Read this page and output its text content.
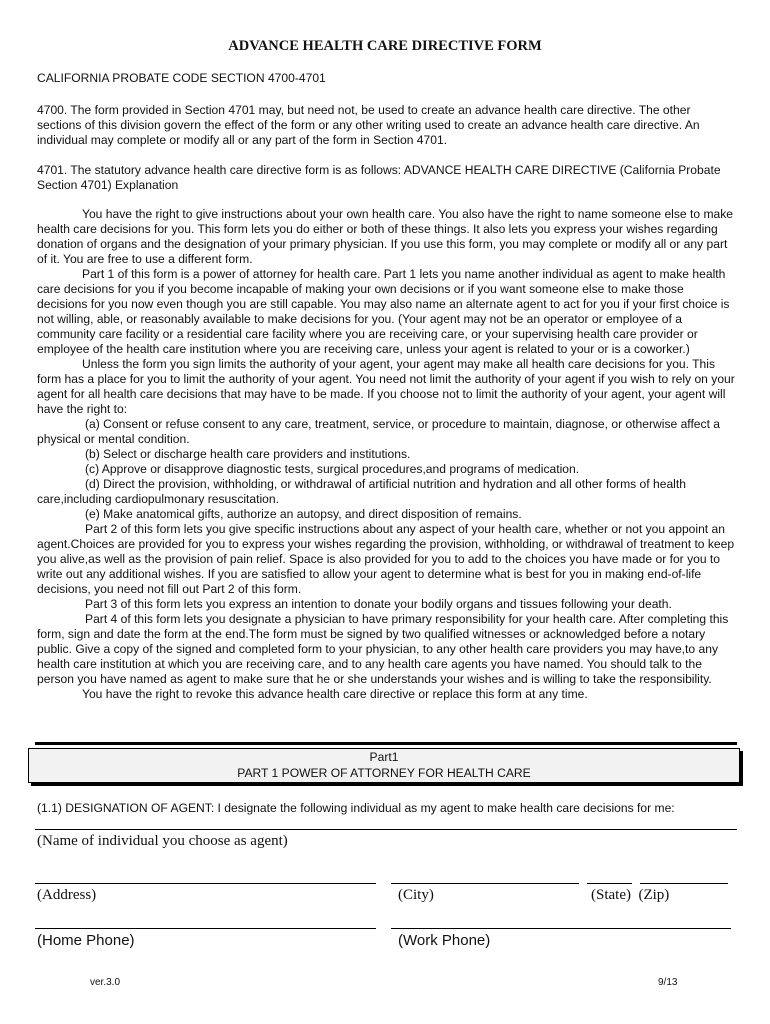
ADVANCE HEALTH CARE DIRECTIVE FORM

CALIFORNIA PROBATE CODE SECTION 4700-4701

4700. The form provided in Section 4701 may, but need not, be used to create an advance health care directive. The other sections of this division govern the effect of the form or any other writing used to create an advance health care directive. An individual may complete or modify all or any part of the form in Section 4701.

4701. The statutory advance health care directive form is as follows: ADVANCE HEALTH CARE DIRECTIVE (California Probate Section 4701) Explanation

You have the right to give instructions about your own health care. You also have the right to name someone else to make health care decisions for you. This form lets you do either or both of these things. It also lets you express your wishes regarding donation of organs and the designation of your primary physician. If you use this form, you may complete or modify all or any part of it. You are free to use a different form.

Part 1 of this form is a power of attorney for health care. Part 1 lets you name another individual as agent to make health care decisions for you if you become incapable of making your own decisions or if you want someone else to make those decisions for you now even though you are still capable. You may also name an alternate agent to act for you if your first choice is not willing, able, or reasonably available to make decisions for you. (Your agent may not be an operator or employee of a community care facility or a residential care facility where you are receiving care, or your supervising health care provider or employee of the health care institution where you are receiving care, unless your agent is related to your or is a coworker.)

Unless the form you sign limits the authority of your agent, your agent may make all health care decisions for you. This form has a place for you to limit the authority of your agent. You need not limit the authority of your agent if you wish to rely on your agent for all health care decisions that may have to be made. If you choose not to limit the authority of your agent, your agent will have the right to:

(a) Consent or refuse consent to any care, treatment, service, or procedure to maintain, diagnose, or otherwise affect a physical or mental condition.

(b) Select or discharge health care providers and institutions.

(c) Approve or disapprove diagnostic tests, surgical procedures,and programs of medication.

(d) Direct the provision, withholding, or withdrawal of artificial nutrition and hydration and all other forms of health care,including cardiopulmonary resuscitation.

(e) Make anatomical gifts, authorize an autopsy, and direct disposition of remains.

Part 2 of this form lets you give specific instructions about any aspect of your health care, whether or not you appoint an agent.Choices are provided for you to express your wishes regarding the provision, withholding, or withdrawal of treatment to keep you alive,as well as the provision of pain relief. Space is also provided for you to add to the choices you have made or for you to write out any additional wishes. If you are satisfied to allow your agent to determine what is best for you in making end-of-life decisions, you need not fill out Part 2 of this form.

Part 3 of this form lets you express an intention to donate your bodily organs and tissues following your death.

Part 4 of this form lets you designate a physician to have primary responsibility for your health care. After completing this form, sign and date the form at the end.The form must be signed by two qualified witnesses or acknowledged before a notary public. Give a copy of the signed and completed form to your physician, to any other health care providers you may have,to any health care institution at which you are receiving care, and to any health care agents you have named. You should talk to the person you have named as agent to make sure that he or she understands your wishes and is willing to take the responsibility.

You have the right to revoke this advance health care directive or replace this form at any time.

Part1
PART 1 POWER OF ATTORNEY FOR HEALTH CARE

(1.1) DESIGNATION OF AGENT: I designate the following individual as my agent to make health care decisions for me:

(Name of individual you choose as agent)
(Address)	(City)	(State)  (Zip)
(Home Phone)	(Work Phone)
ver.3.0	9/13
